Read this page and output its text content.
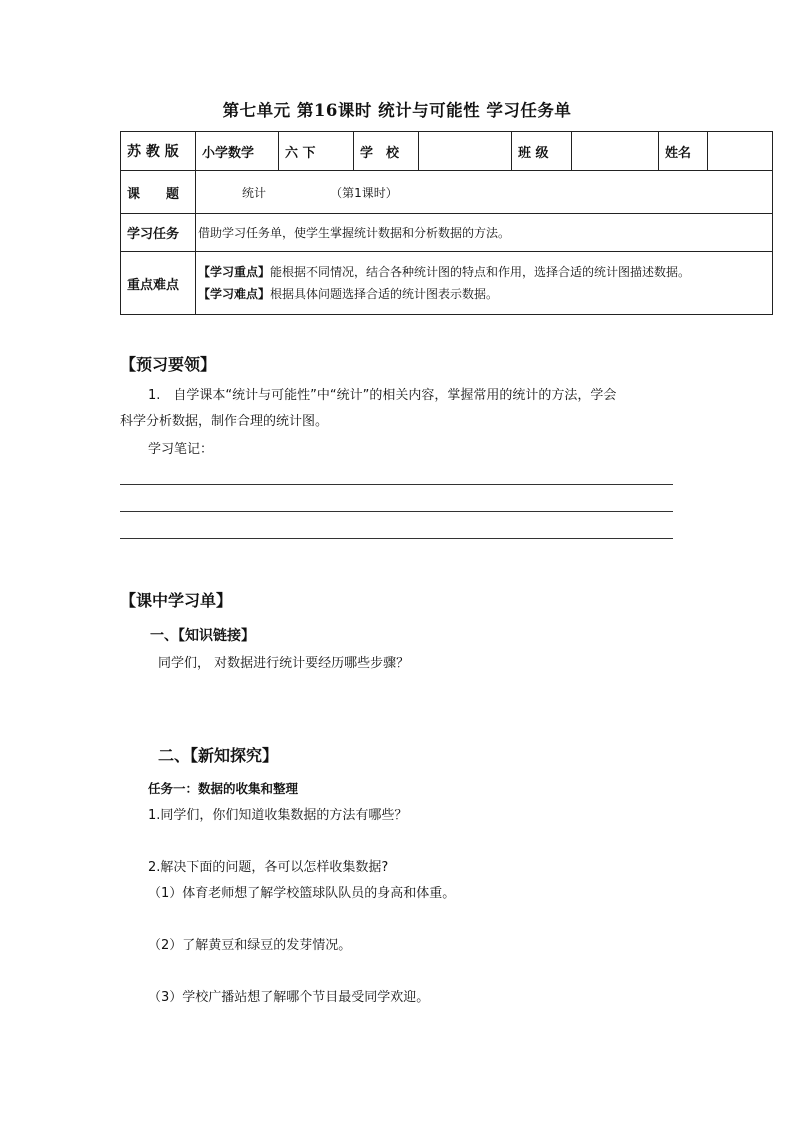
第七单元 第16课时 统计与可能性 学习任务单
苏 教 版	小学数学	六 下	学　校		班 级		姓名	
课　　题	统计 （第1课时）							
学习任务	借助学习任务单，使学生掌握统计数据和分析数据的方法。							
重点难点	【学习重点】能根据不同情况，结合各种统计图的特点和作用，选择合适的统计图描述数据。
【学习难点】根据具体问题选择合适的统计图表示数据。							
【预习要领】
1.　自学课本“统计与可能性”中“统计”的相关内容，掌握常用的统计的方法，学会
科学分析数据，制作合理的统计图。
学习笔记：
【课中学习单】
一、【知识链接】
同学们， 对数据进行统计要经历哪些步骤？
二、【新知探究】
任务一：数据的收集和整理
1.同学们，你们知道收集数据的方法有哪些？
2.解决下面的问题，各可以怎样收集数据?
（1）体育老师想了解学校篮球队队员的身高和体重。
（2）了解黄豆和绿豆的发芽情况。
（3）学校广播站想了解哪个节目最受同学欢迎。
